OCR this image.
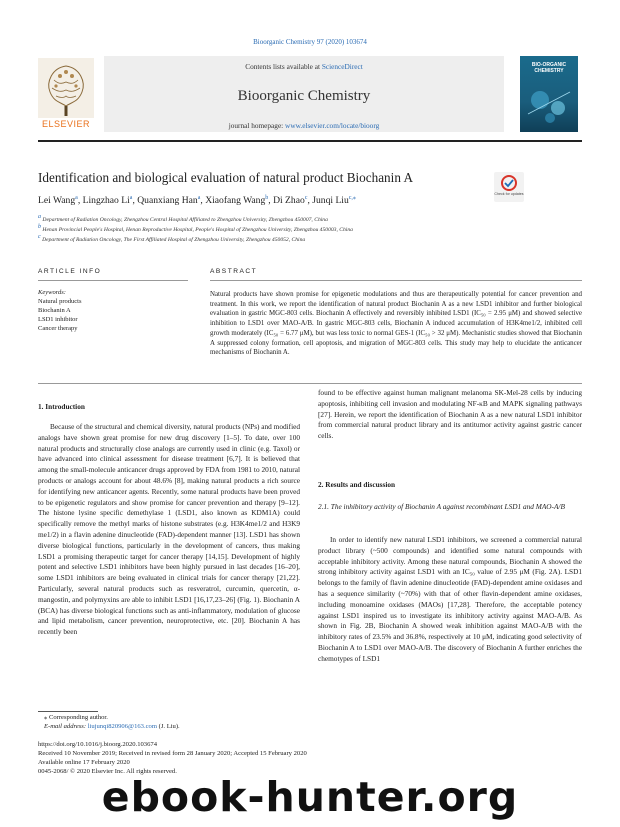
Bioorganic Chemistry 97 (2020) 103674
ELSEVIER
Contents lists available at ScienceDirect
Bioorganic Chemistry
journal homepage: www.elsevier.com/locate/bioorg
BIO-ORGANIC CHEMISTRY
Identification and biological evaluation of natural product Biochanin A
Check for updates
Lei Wang$^a$, Lingzhao Li$^a$, Quanxiang Han$^a$, Xiaofang Wang$^b$, Di Zhao$^c$, Junqi Liu$^{c,⁎}$
a Department of Radiation Oncology, Zhengzhou Central Hospital Affiliated to Zhengzhou University, Zhengzhou 450007, China
b Henan Provincial People's Hospital, Henan Reproductive Hospital, People's Hospital of Zhengzhou University, Zhengzhou 450003, China
c Department of Radiation Oncology, The First Affiliated Hospital of Zhengzhou University, Zhengzhou 450052, China
ARTICLE INFO	ABSTRACT
Keywords:
Natural products
Biochanin A
LSD1 inhibitor
Cancer therapy
Natural products have shown promise for epigenetic modulations and thus are therapeutically potential for cancer prevention and treatment. In this work, we report the identification of natural product Biochanin A as a new LSD1 inhibitor and further biological evaluation in gastric MGC-803 cells. Biochanin A effectively and reversibly inhibited LSD1 (IC₅₀ = 2.95 μM) and showed selective inhibition to LSD1 over MAO-A/B. In gastric MGC-803 cells, Biochanin A induced accumulation of H3K4me1/2, inhibited cell growth moderately (IC₅₀ = 6.77 μM), but was less toxic to normal GES-1 (IC₅₀ > 32 μM). Mechanistic studies showed that Biochanin A suppressed colony formation, cell apoptosis, and migration of MGC-803 cells. This study may help to elucidate the anticancer mechanisms of Biochanin A.
1. Introduction
Because of the structural and chemical diversity, natural products (NPs) and modified analogs have shown great promise for new drug discovery [1–5]. To date, over 100 natural products and structurally close analogs are currently used in clinic (e.g. Taxol) or have advanced into clinical assessment for disease treatment [6,7]. It is believed that among the small-molecule anticancer drugs approved by FDA from 1981 to 2010, natural products or analogs account for about 48.6% [8], making natural products a rich source for identifying new anticancer agents. Recently, some natural products have been proved to be epigenetic regulators and show promise for cancer prevention and therapy [9–12]. The histone lysine specific demethylase 1 (LSD1, also known as KDM1A) could specifically remove the methyl marks of histone substrates (e.g. H3K4me1/2 and H3K9 me1/2) in a flavin adenine dinucleotide (FAD)-dependent manner [13]. LSD1 has shown diverse biological functions, particularly in the development of cancers, thus making LSD1 a promising therapeutic target for cancer therapy [14,15]. Development of highly potent and selective LSD1 inhibitors have been highly pursued in last decades [16–20], some LSD1 inhibitors are being evaluated in clinical trials for cancer therapy [21,22]. Particularly, several natural products such as resveratrol, curcumin, quercetin, α-mangostin, and polymyxins are able to inhibit LSD1 [16,17,23–26] (Fig. 1). Biochanin A (BCA) has diverse biological functions such as anti-inflammatory, modulation of glucose and lipid metabolism, cancer prevention, neuroprotective, etc. [20]. Biochanin A has recently been
found to be effective against human malignant melanoma SK-Mel-28 cells by inducing apoptosis, inhibiting cell invasion and modulating NF-κB and MAPK signaling pathways [27]. Herein, we report the identification of Biochanin A as a new natural LSD1 inhibitor from commercial natural product library and its antitumor activity against gastric cancer cells.
2. Results and discussion
2.1. The inhibitory activity of Biochanin A against recombinant LSD1 and MAO-A/B
In order to identify new natural LSD1 inhibitors, we screened a commercial natural product library (~500 compounds) and identified some natural compounds with acceptable inhibitory activity. Among these natural compounds, Biochanin A showed the strong inhibitory activity against LSD1 with an IC₅₀ value of 2.95 μM (Fig. 2A). LSD1 belongs to the family of flavin adenine dinucleotide (FAD)-dependent amine oxidases and has a sequence similarity (~70%) with that of other flavin-dependent amine oxidases, including monoamine oxidases (MAOs) [17,28]. Therefore, the acceptable potency against LSD1 inspired us to investigate its inhibitory activity against MAO-A/B. As shown in Fig. 2B, Biochanin A showed weak inhibition against MAO-A/B with the inhibitory rates of 23.5% and 36.8%, respectively at 10 μM, indicating good selectivity of Biochanin A to LSD1 over MAO-A/B. The discovery of Biochanin A further enriches the chemotypes of LSD1
⁎ Corresponding author.
E-mail address: liujunqi820906@163.com (J. Liu).
https://doi.org/10.1016/j.bioorg.2020.103674
Received 10 November 2019; Received in revised form 28 January 2020; Accepted 15 February 2020
Available online 17 February 2020
0045-2068/ © 2020 Elsevier Inc. All rights reserved.
ebook-hunter.org
